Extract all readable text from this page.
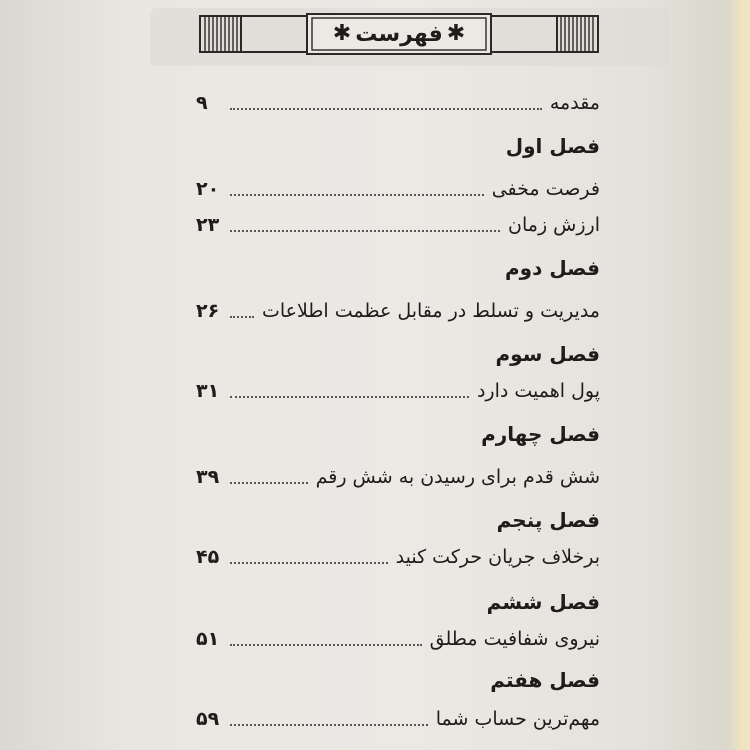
✱
فهرست
✱
مقدمه
۹
فصل اول
فرصت مخفی
۲۰
ارزش زمان
۲۳
فصل دوم
مدیریت و تسلط در مقابل عظمت اطلاعات
۲۶
فصل سوم
پول اهمیت دارد
۳۱
فصل چهارم
شش قدم برای رسیدن به شش رقم
۳۹
فصل پنجم
برخلاف جریان حرکت کنید
۴۵
فصل ششم
نیروی شفافیت مطلق
۵۱
فصل هفتم
مهم‌ترین حساب شما
۵۹
